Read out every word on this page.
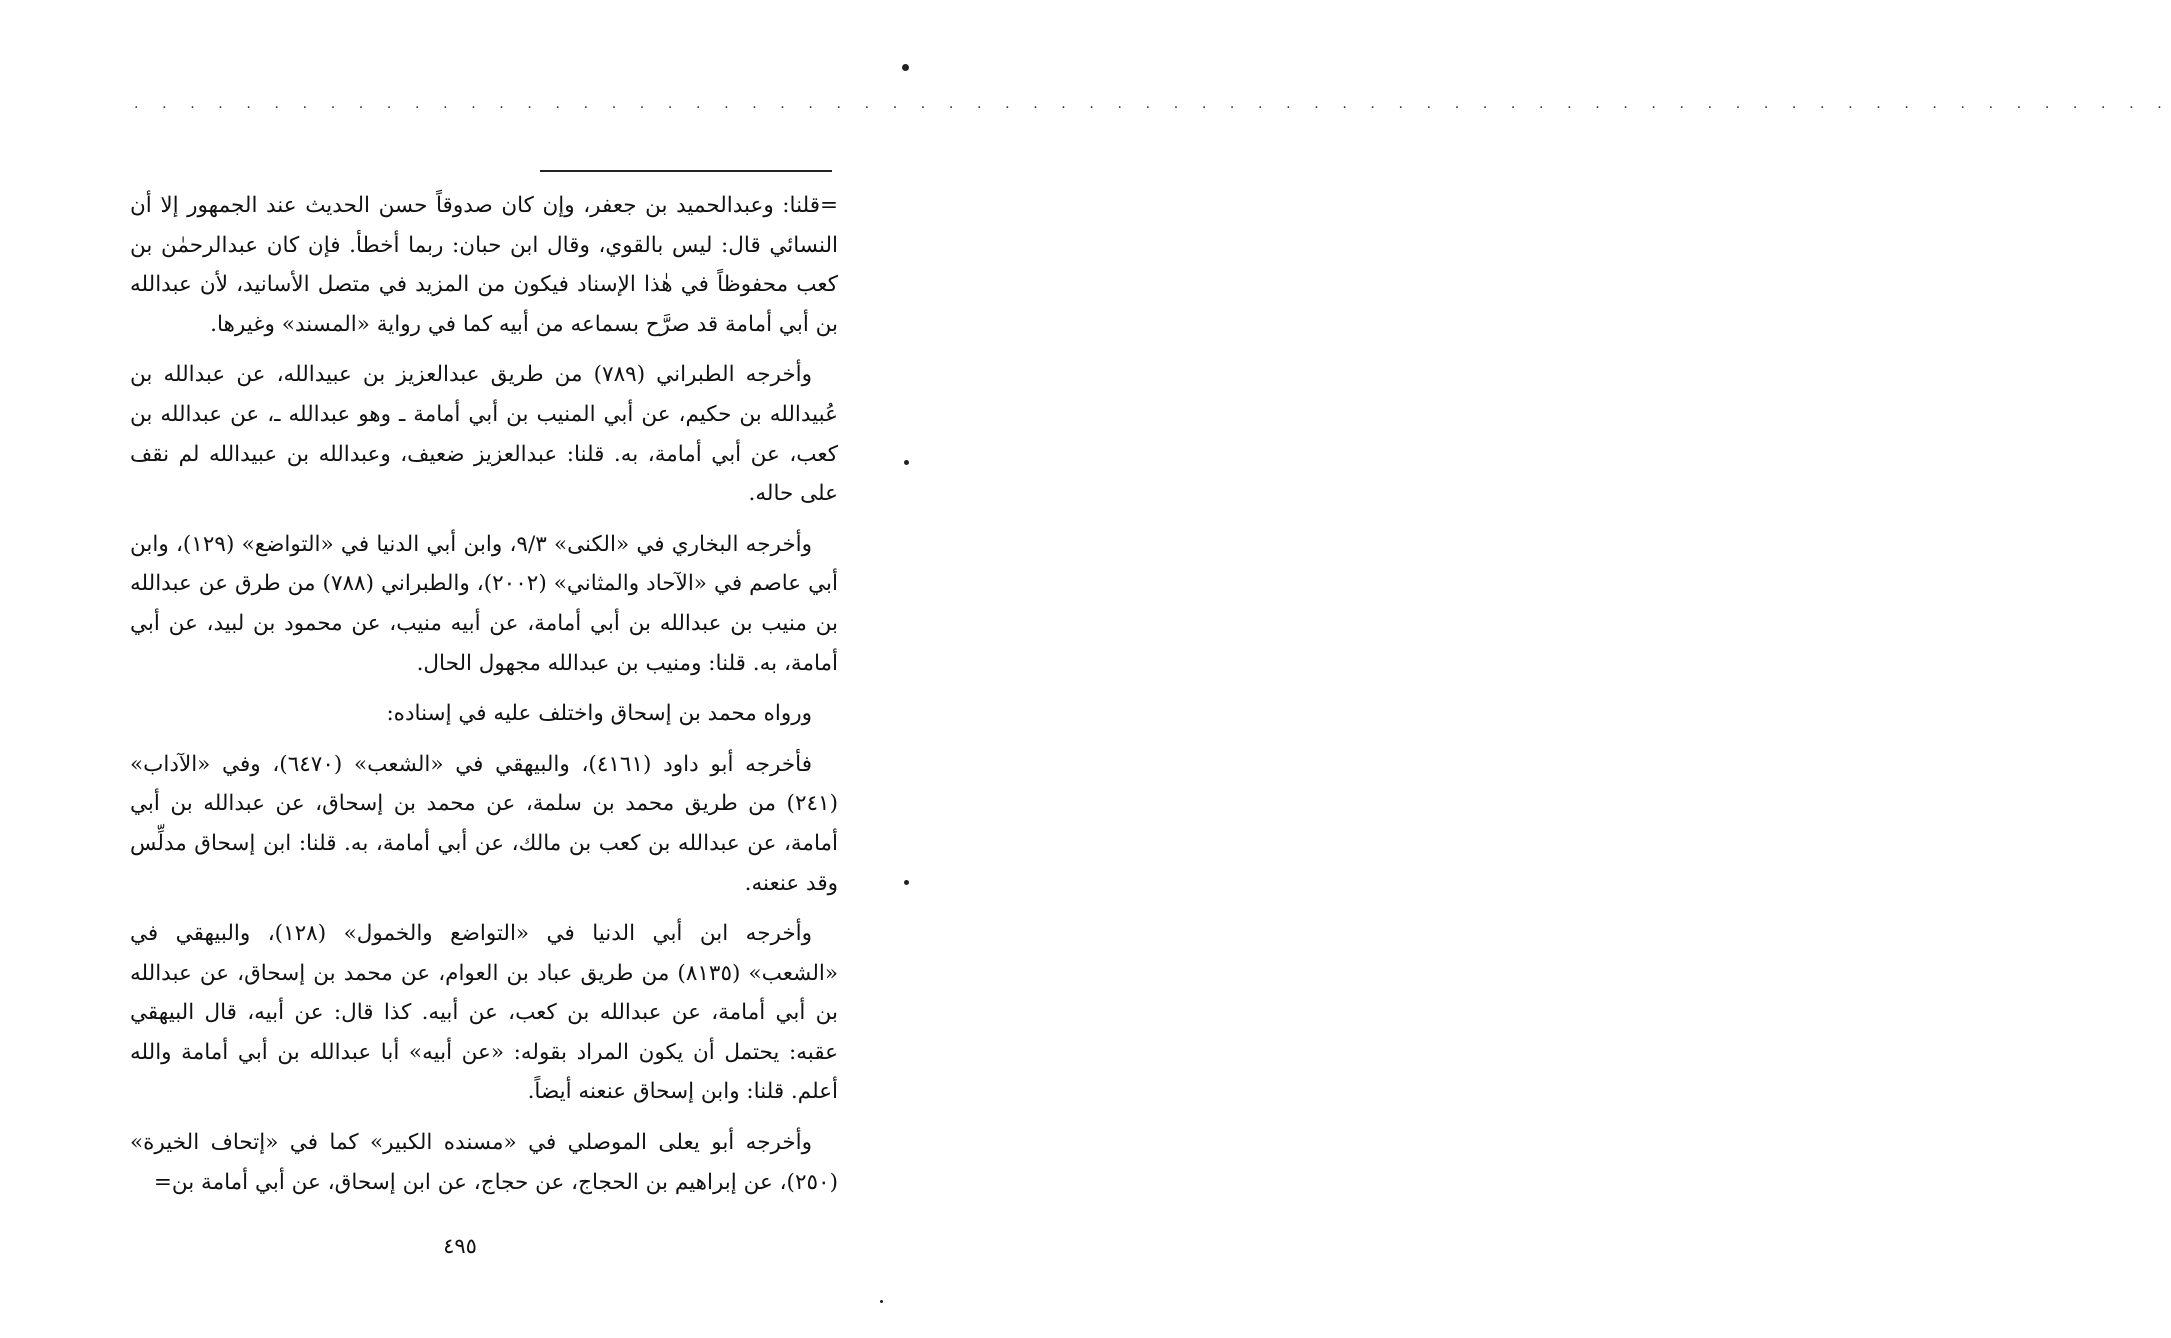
. . . . . . . . . . . . . . . . . . . . . . . . . . . . . . . . . . . . . . . . . . . . . . . . . . . . . . . . . . . . . . . . . . . . . . . . .

=قلنا: وعبدالحميد بن جعفر، وإن كان صدوقاً حسن الحديث عند الجمهور إلا أن النسائي قال: ليس بالقوي، وقال ابن حبان: ربما أخطأ. فإن كان عبدالرحمٰن بن كعب محفوظاً في هٰذا الإسناد فيكون من المزيد في متصل الأسانيد، لأن عبدالله بن أبي أمامة قد صرَّح بسماعه من أبيه كما في رواية «المسند» وغيرها.

وأخرجه الطبراني (٧٨٩) من طريق عبدالعزيز بن عبيدالله، عن عبدالله بن عُبيدالله بن حكيم، عن أبي المنيب بن أبي أمامة ـ وهو عبدالله ـ، عن عبدالله بن كعب، عن أبي أمامة، به. قلنا: عبدالعزيز ضعيف، وعبدالله بن عبيدالله لم نقف على حاله.

وأخرجه البخاري في «الكنى» ٩/٣، وابن أبي الدنيا في «التواضع» (١٢٩)، وابن أبي عاصم في «الآحاد والمثاني» (٢٠٠٢)، والطبراني (٧٨٨) من طرق عن عبدالله بن منيب بن عبدالله بن أبي أمامة، عن أبيه منيب، عن محمود بن لبيد، عن أبي أمامة، به. قلنا: ومنيب بن عبدالله مجهول الحال.

ورواه محمد بن إسحاق واختلف عليه في إسناده:

فأخرجه أبو داود (٤١٦١)، والبيهقي في «الشعب» (٦٤٧٠)، وفي «الآداب» (٢٤١) من طريق محمد بن سلمة، عن محمد بن إسحاق، عن عبدالله بن أبي أمامة، عن عبدالله بن كعب بن مالك، عن أبي أمامة، به. قلنا: ابن إسحاق مدلِّس وقد عنعنه.

وأخرجه ابن أبي الدنيا في «التواضع والخمول» (١٢٨)، والبيهقي في «الشعب» (٨١٣٥) من طريق عباد بن العوام، عن محمد بن إسحاق، عن عبدالله بن أبي أمامة، عن عبدالله بن كعب، عن أبيه. كذا قال: عن أبيه، قال البيهقي عقبه: يحتمل أن يكون المراد بقوله: «عن أبيه» أبا عبدالله بن أبي أمامة والله أعلم. قلنا: وابن إسحاق عنعنه أيضاً.

وأخرجه أبو يعلى الموصلي في «مسنده الكبير» كما في «إتحاف الخيرة» (٢٥٠)، عن إبراهيم بن الحجاج، عن حجاج، عن ابن إسحاق، عن أبي أمامة بن=

٤٩٥
